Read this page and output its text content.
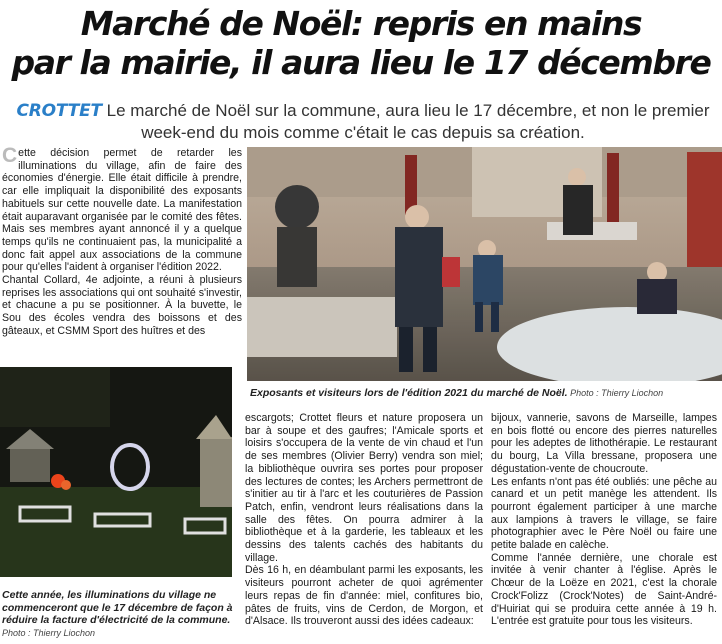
Marché de Noël: repris en mains
par la mairie, il aura lieu le 17 décembre
CROTTET Le marché de Noël sur la commune, aura lieu le 17 décembre, et non le premier week-end du mois comme c'était le cas depuis sa création.

Cette décision permet de retarder les illuminations du village, afin de faire des économies d'énergie. Elle était difficile à prendre, car elle impliquait la disponibilité des exposants habituels sur cette nouvelle date. La manifestation était auparavant organisée par le comité des fêtes. Mais ses membres ayant annoncé il y a quelque temps qu'ils ne continuaient pas, la municipalité a donc fait appel aux associations de la commune pour qu'elles l'aident à organiser l'édition 2022.

Chantal Collard, 4e adjointe, a réuni à plusieurs reprises les associations qui ont souhaité s'investir, et chacune a pu se positionner. À la buvette, le Sou des écoles vendra des boissons et des gâteaux, et CSMM Sport des huîtres et des

Exposants et visiteurs lors de l'édition 2021 du marché de Noël. Photo : Thierry Liochon
Cette année, les illuminations du village ne commenceront que le 17 décembre de façon à réduire la facture d'électricité de la commune. Photo : Thierry Liochon

escargots; Crottet fleurs et nature proposera un bar à soupe et des gaufres; l'Amicale sports et loisirs s'occupera de la vente de vin chaud et l'un de ses membres (Olivier Berry) vendra son miel; la bibliothèque ouvrira ses portes pour proposer des lectures de contes; les Archers permettront de s'initier au tir à l'arc et les couturières de Passion Patch, enfin, vendront leurs réalisations dans la salle des fêtes. On pourra admirer à la bibliothèque et à la garderie, les tableaux et les dessins des talents cachés des habitants du village.

Dès 16 h, en déambulant parmi les exposants, les visiteurs pourront acheter de quoi agrémenter leurs repas de fin d'année: miel, confitures bio, pâtes de fruits, vins de Cerdon, de Morgon, et d'Alsace. Ils trouveront aussi des idées cadeaux:

bijoux, vannerie, savons de Marseille, lampes en bois flotté ou encore des pierres naturelles pour les adeptes de lithothérapie. Le restaurant du bourg, La Villa bressane, proposera une dégustation-vente de choucroute.

Les enfants n'ont pas été oubliés: une pêche au canard et un petit manège les attendent. Ils pourront également participer à une marche aux lampions à travers le village, se faire photographier avec le Père Noël ou faire une petite balade en calèche.

Comme l'année dernière, une chorale est invitée à venir chanter à l'église. Après le Chœur de la Loëze en 2021, c'est la chorale Crock'Folizz (Crock'Notes) de Saint-André-d'Huiriat qui se produira cette année à 19 h. L'entrée est gratuite pour tous les visiteurs.
